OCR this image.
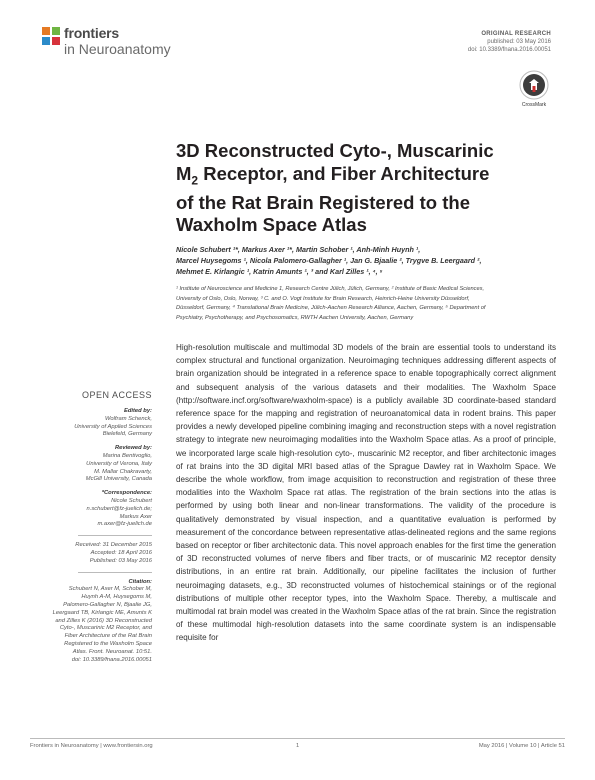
frontiers
in Neuroanatomy
ORIGINAL RESEARCH
published: 03 May 2016
doi: 10.3389/fnana.2016.00051
CrossMark
3D Reconstructed Cyto-, Muscarinic
$M_2$ Receptor, and Fiber Architecture
of the Rat Brain Registered to the
Waxholm Space Atlas
Nicole Schubert ¹*, Markus Axer ¹*, Martin Schober ¹, Anh-Minh Huynh ¹,
Marcel Huysegoms ¹, Nicola Palomero-Gallagher ¹, Jan G. Bjaalie ², Trygve B. Leergaard ²,
Mehmet E. Kirlangic ¹, Katrin Amunts ¹, ³ and Karl Zilles ¹, ⁴, ⁵
¹ Institute of Neuroscience and Medicine 1, Research Centre Jülich, Jülich, Germany, ² Institute of Basic Medical Sciences,
University of Oslo, Oslo, Norway, ³ C. and O. Vogt Institute for Brain Research, Heinrich-Heine University Düsseldorf,
Düsseldorf, Germany, ⁴ Translational Brain Medicine, Jülich-Aachen Research Alliance, Aachen, Germany, ⁵ Department of
Psychiatry, Psychotherapy, and Psychosomatics, RWTH Aachen University, Aachen, Germany
High-resolution multiscale and multimodal 3D models of the brain are essential tools to understand its complex structural and functional organization. Neuroimaging techniques addressing different aspects of brain organization should be integrated in a reference space to enable topographically correct alignment and subsequent analysis of the various datasets and their modalities. The Waxholm Space (http://software.incf.org/software/waxholm-space) is a publicly available 3D coordinate-based standard reference space for the mapping and registration of neuroanatomical data in rodent brains. This paper provides a newly developed pipeline combining imaging and reconstruction steps with a novel registration strategy to integrate new neuroimaging modalities into the Waxholm Space atlas. As a proof of principle, we incorporated large scale high-resolution cyto-, muscarinic M2 receptor, and fiber architectonic images of rat brains into the 3D digital MRI based atlas of the Sprague Dawley rat in Waxholm Space. We describe the whole workflow, from image acquisition to reconstruction and registration of these three modalities into the Waxholm Space rat atlas. The registration of the brain sections into the atlas is performed by using both linear and non-linear transformations. The validity of the procedure is qualitatively demonstrated by visual inspection, and a quantitative evaluation is performed by measurement of the concordance between representative atlas-delineated regions and the same regions based on receptor or fiber architectonic data. This novel approach enables for the first time the generation of 3D reconstructed volumes of nerve fibers and fiber tracts, or of muscarinic M2 receptor density distributions, in an entire rat brain. Additionally, our pipeline facilitates the inclusion of further neuroimaging datasets, e.g., 3D reconstructed volumes of histochemical stainings or of the regional distributions of multiple other receptor types, into the Waxholm Space. Thereby, a multiscale and multimodal rat brain model was created in the Waxholm Space atlas of the rat brain. Since the registration of these multimodal high-resolution datasets into the same coordinate system is an indispensable requisite for
OPEN ACCESS
Edited by:
Wolfram Schenck,
University of Applied Sciences
Bielefeld, Germany
Reviewed by:
Marina Bentivoglio,
University of Verona, Italy
M. Mallar Chakravarty,
McGill University, Canada
*Correspondence:
Nicole Schubert
n.schubert@fz-juelich.de;
Markus Axer
m.axer@fz-juelich.de
Received: 31 December 2015
Accepted: 18 April 2016
Published: 03 May 2016
Citation:
Schubert N, Axer M, Schober M,
Huynh A-M, Huysegoms M,
Palomero-Gallagher N, Bjaalie JG,
Leergaard TB, Kirlangic ME, Amunts K
and Zilles K (2016) 3D Reconstructed
Cyto-, Muscarinic M2 Receptor, and
Fiber Architecture of the Rat Brain
Registered to the Waxholm Space
Atlas. Front. Neuroanat. 10:51.
doi: 10.3389/fnana.2016.00051
Frontiers in Neuroanatomy | www.frontiersin.org	1	May 2016 | Volume 10 | Article 51
